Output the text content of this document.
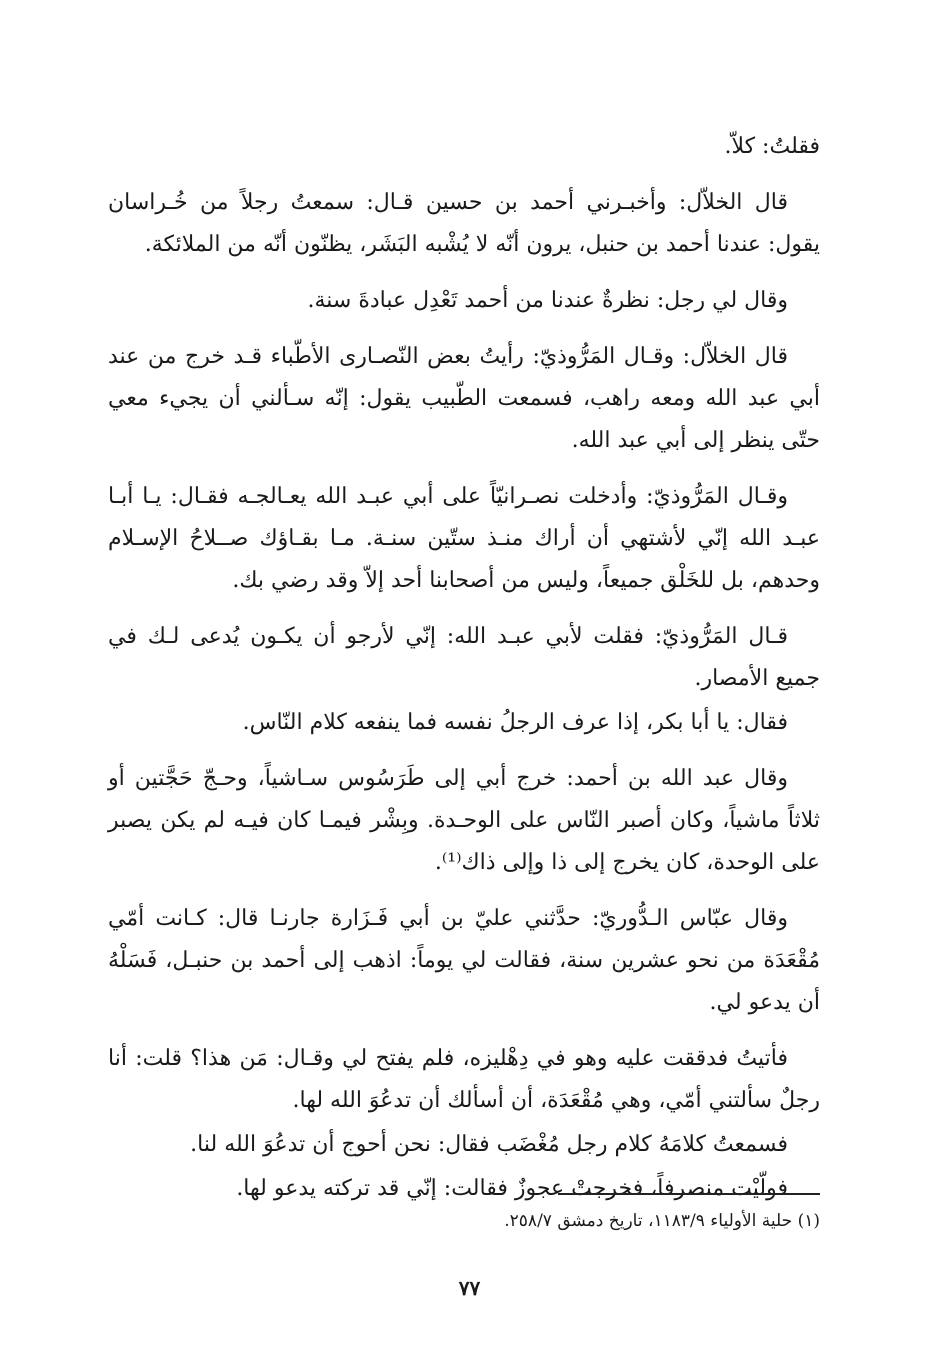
فقلتُ: كلاّ.

قال الخلاّل: وأخبـرني أحمد بن حسين قـال: سمعتُ رجلاً من خُـراسان يقول: عندنا أحمد بن حنبل، يرون أنّه لا يُشْبه البَشَر، يظنّون أنّه من الملائكة.

وقال لي رجل: نظرةٌ عندنا من أحمد تَعْدِل عبادةَ سنة.

قال الخلاّل: وقـال المَرُّوذيّ: رأيتُ بعض النّصـارى الأطّباء قـد خرج من عند أبي عبد الله ومعه راهب، فسمعت الطّبيب يقول: إنّه سـألني أن يجيء معي حتّى ينظر إلى أبي عبد الله.

وقـال المَرُّوذيّ: وأدخلت نصـرانيّاً على أبي عبـد الله يعـالجـه فقـال: يـا أبـا عبـد الله إنّي لأشتهي أن أراك منـذ ستّين سنـة. مـا بقـاؤك صــلاحُ الإسـلام وحدهم، بل للخَلْق جميعاً، وليس من أصحابنا أحد إلاّ وقد رضي بك.

قـال المَرُّوذيّ: فقلت لأبي عبـد الله: إنّي لأرجو أن يكـون يُدعى لـك في جميع الأمصار.

فقال: يا أبا بكر، إذا عرف الرجلُ نفسه فما ينفعه كلام النّاس.

وقال عبد الله بن أحمد: خرج أبي إلى طَرَسُوس سـاشياً، وحـجّ حَجَّتين أو ثلاثاً ماشياً، وكان أصبر النّاس على الوحـدة. وبِشْر فيمـا كان فيـه لم يكن يصبر على الوحدة، كان يخرج إلى ذا وإلى ذاك⁽¹⁾.

وقال عبّاس الـدُّوريّ: حدَّثني عليّ بن أبي فَـزَارة جارنـا قال: كـانت أمّي مُقْعَدَة من نحو عشرين سنة، فقالت لي يوماً: اذهب إلى أحمد بن حنبـل، فَسَلْهُ أن يدعو لي.

فأتيتُ فدققت عليه وهو في دِهْليزه، فلم يفتح لي وقـال: مَن هذا؟ قلت: أنا رجلٌ سألتني أمّي، وهي مُقْعَدَة، أن أسألك أن تدعُوَ الله لها.

فسمعتُ كلامَهُ كلام رجل مُغْضَب فقال: نحن أحوج أن تدعُوَ الله لنا.

فولّيْت منصرفاً، فخرجتْ عجوزٌ فقالت: إنّي قد تركته يدعو لها.

(١) حلية الأولياء ١١٨٣/٩، تاريخ دمشق ٢٥٨/٧.
٧٧
